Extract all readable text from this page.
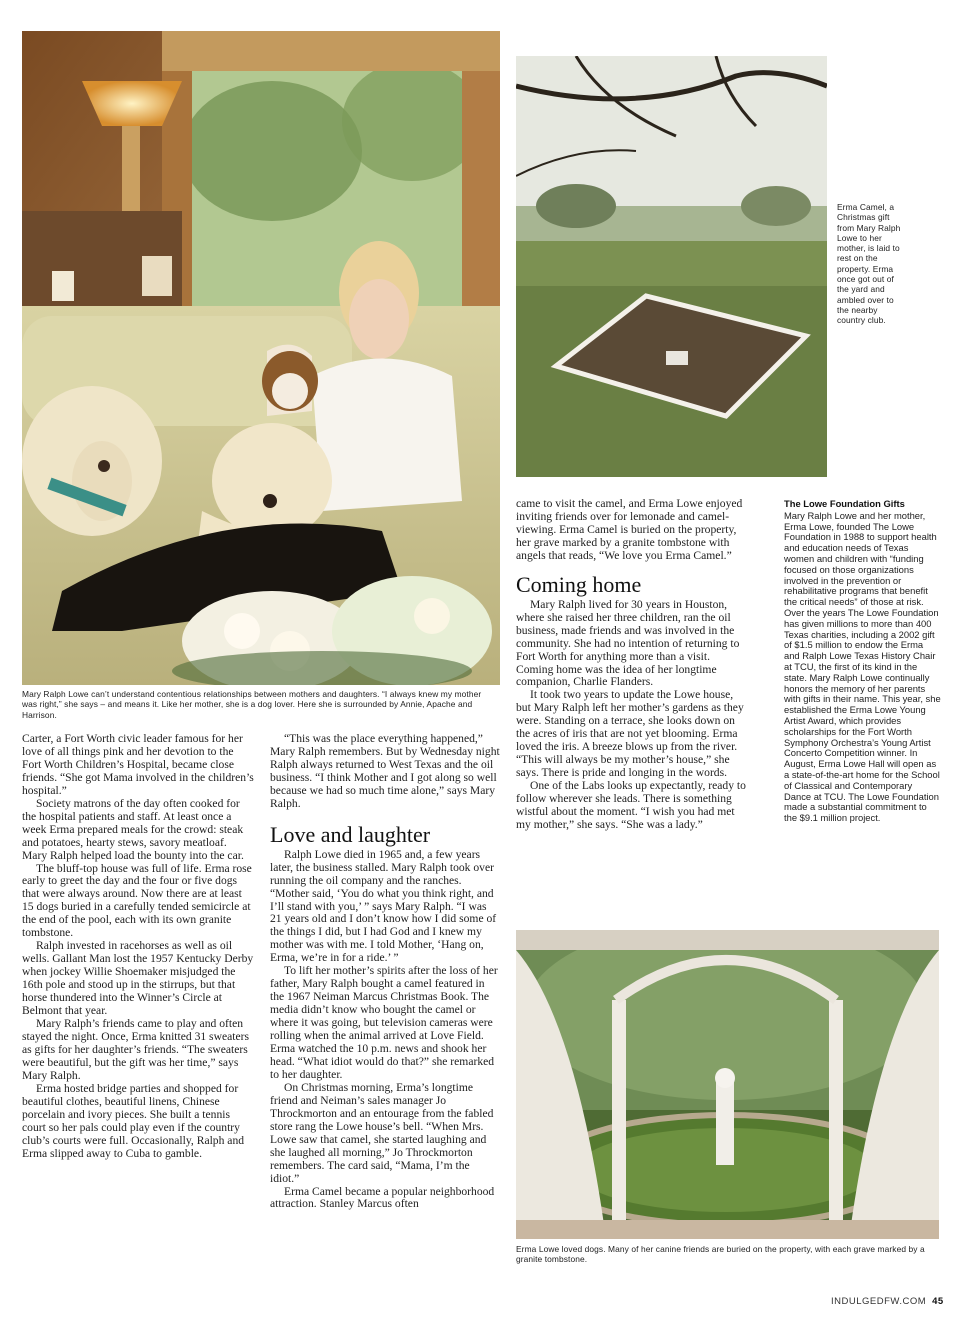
Mary Ralph Lowe can’t understand contentious relationships between mothers and daughters. “I always knew my mother was right,” she says – and means it. Like her mother, she is a dog lover. Here she is surrounded by Annie, Apache and Harrison.
Erma Camel, a Christmas gift from Mary Ralph Lowe to her mother, is laid to rest on the property. Erma once got out of the yard and ambled over to the nearby country club.

Carter, a Fort Worth civic leader famous for her love of all things pink and her devotion to the Fort Worth Children’s Hospital, became close friends. “She got Mama involved in the children’s hospital.”

Society matrons of the day often cooked for the hospital patients and staff. At least once a week Erma prepared meals for the crowd: steak and potatoes, hearty stews, savory meatloaf. Mary Ralph helped load the bounty into the car.

The bluff-top house was full of life. Erma rose early to greet the day and the four or five dogs that were always around. Now there are at least 15 dogs buried in a carefully tended semicircle at the end of the pool, each with its own granite tombstone.

Ralph invested in racehorses as well as oil wells. Gallant Man lost the 1957 Kentucky Derby when jockey Willie Shoemaker misjudged the 16th pole and stood up in the stirrups, but that horse thundered into the Winner’s Circle at Belmont that year.

Mary Ralph’s friends came to play and often stayed the night. Once, Erma knitted 31 sweaters as gifts for her daughter’s friends. “The sweaters were beautiful, but the gift was her time,” says Mary Ralph.

Erma hosted bridge parties and shopped for beautiful clothes, beautiful linens, Chinese porcelain and ivory pieces. She built a tennis court so her pals could play even if the country club’s courts were full. Occasionally, Ralph and Erma slipped away to Cuba to gamble.

“This was the place everything happened,” Mary Ralph remembers. But by Wednesday night Ralph always returned to West Texas and the oil business. “I think Mother and I got along so well because we had so much time alone,” says Mary Ralph.

Love and laughter

Ralph Lowe died in 1965 and, a few years later, the business stalled. Mary Ralph took over running the oil company and the ranches. “Mother said, ‘You do what you think right, and I’ll stand with you,’ ” says Mary Ralph. “I was 21 years old and I don’t know how I did some of the things I did, but I had God and I knew my mother was with me. I told Mother, ‘Hang on, Erma, we’re in for a ride.’ ”

To lift her mother’s spirits after the loss of her father, Mary Ralph bought a camel featured in the 1967 Neiman Marcus Christmas Book. The media didn’t know who bought the camel or where it was going, but television cameras were rolling when the animal arrived at Love Field. Erma watched the 10 p.m. news and shook her head. “What idiot would do that?” she remarked to her daughter.

On Christmas morning, Erma’s longtime friend and Neiman’s sales manager Jo Throckmorton and an entourage from the fabled store rang the Lowe house’s bell. “When Mrs. Lowe saw that camel, she started laughing and she laughed all morning,” Jo Throckmorton remembers. The card said, “Mama, I’m the idiot.”

Erma Camel became a popular neighborhood attraction. Stanley Marcus often

came to visit the camel, and Erma Lowe enjoyed inviting friends over for lemonade and camel-viewing. Erma Camel is buried on the property, her grave marked by a granite tombstone with angels that reads, “We love you Erma Camel.”

Coming home

Mary Ralph lived for 30 years in Houston, where she raised her three children, ran the oil business, made friends and was involved in the community. She had no intention of returning to Fort Worth for anything more than a visit. Coming home was the idea of her longtime companion, Charlie Flanders.

It took two years to update the Lowe house, but Mary Ralph left her mother’s gardens as they were. Standing on a terrace, she looks down on the acres of iris that are not yet blooming. Erma loved the iris. A breeze blows up from the river. “This will always be my mother’s house,” she says. There is pride and longing in the words.

One of the Labs looks up expectantly, ready to follow wherever she leads. There is something wistful about the moment. “I wish you had met my mother,” she says. “She was a lady.”

The Lowe Foundation Gifts

Mary Ralph Lowe and her mother, Erma Lowe, founded The Lowe Foundation in 1988 to support health and education needs of Texas women and children with “funding focused on those organizations involved in the prevention or rehabilitative programs that benefit the critical needs” of those at risk.

Over the years The Lowe Foundation has given millions to more than 400 Texas charities, including a 2002 gift of $1.5 million to endow the Erma and Ralph Lowe Texas History Chair at TCU, the first of its kind in the state. Mary Ralph Lowe continually honors the memory of her parents with gifts in their name. This year, she established the Erma Lowe Young Artist Award, which provides scholarships for the Fort Worth Symphony Orchestra’s Young Artist Concerto Competition winner. In August, Erma Lowe Hall will open as a state-of-the-art home for the School of Classical and Contemporary Dance at TCU. The Lowe Foundation made a substantial commitment to the $9.1 million project.

Erma Lowe loved dogs. Many of her canine friends are buried on the property, with each grave marked by a granite tombstone.
INDULGEDFW.COM 45
